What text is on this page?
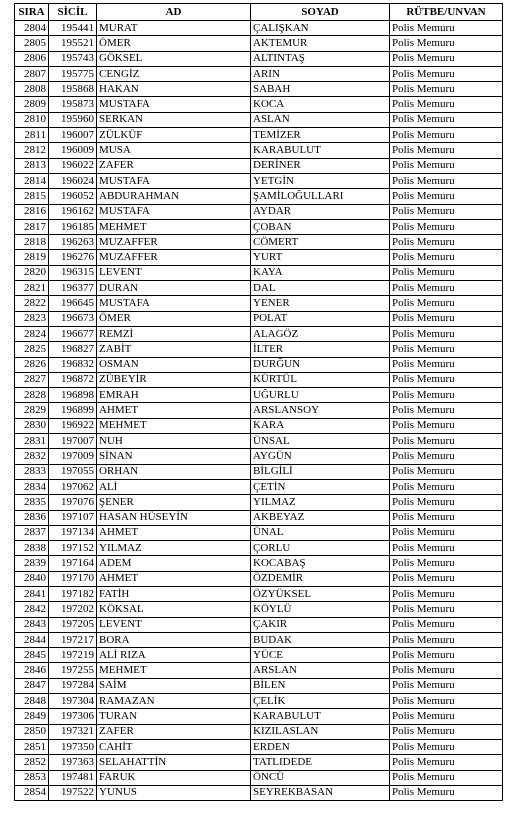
SIRA	SİCİL	AD	SOYAD	RÜTBE/UNVAN
2804	195441	MURAT	ÇALIŞKAN	Polis Memuru
2805	195521	ÖMER	AKTEMUR	Polis Memuru
2806	195743	GÖKSEL	ALTINTAŞ	Polis Memuru
2807	195775	CENGİZ	ARIN	Polis Memuru
2808	195868	HAKAN	SABAH	Polis Memuru
2809	195873	MUSTAFA	KOCA	Polis Memuru
2810	195960	SERKAN	ASLAN	Polis Memuru
2811	196007	ZÜLKÜF	TEMİZER	Polis Memuru
2812	196009	MUSA	KARABULUT	Polis Memuru
2813	196022	ZAFER	DERİNER	Polis Memuru
2814	196024	MUSTAFA	YETGİN	Polis Memuru
2815	196052	ABDURAHMAN	ŞAMİLOĞULLARI	Polis Memuru
2816	196162	MUSTAFA	AYDAR	Polis Memuru
2817	196185	MEHMET	ÇOBAN	Polis Memuru
2818	196263	MUZAFFER	CÖMERT	Polis Memuru
2819	196276	MUZAFFER	YURT	Polis Memuru
2820	196315	LEVENT	KAYA	Polis Memuru
2821	196377	DURAN	DAL	Polis Memuru
2822	196645	MUSTAFA	YENER	Polis Memuru
2823	196673	ÖMER	POLAT	Polis Memuru
2824	196677	REMZİ	ALAGÖZ	Polis Memuru
2825	196827	ZABİT	İLTER	Polis Memuru
2826	196832	OSMAN	DURĞUN	Polis Memuru
2827	196872	ZÜBEYİR	KÜRTÜL	Polis Memuru
2828	196898	EMRAH	UĞURLU	Polis Memuru
2829	196899	AHMET	ARSLANSOY	Polis Memuru
2830	196922	MEHMET	KARA	Polis Memuru
2831	197007	NUH	ÜNSAL	Polis Memuru
2832	197009	SİNAN	AYGÜN	Polis Memuru
2833	197055	ORHAN	BİLGİLİ	Polis Memuru
2834	197062	ALİ	ÇETİN	Polis Memuru
2835	197076	ŞENER	YILMAZ	Polis Memuru
2836	197107	HASAN HÜSEYİN	AKBEYAZ	Polis Memuru
2837	197134	AHMET	ÜNAL	Polis Memuru
2838	197152	YILMAZ	ÇORLU	Polis Memuru
2839	197164	ADEM	KOCABAŞ	Polis Memuru
2840	197170	AHMET	ÖZDEMİR	Polis Memuru
2841	197182	FATİH	ÖZYÜKSEL	Polis Memuru
2842	197202	KÖKSAL	KÖYLÜ	Polis Memuru
2843	197205	LEVENT	ÇAKIR	Polis Memuru
2844	197217	BORA	BUDAK	Polis Memuru
2845	197219	ALİ RIZA	YÜCE	Polis Memuru
2846	197255	MEHMET	ARSLAN	Polis Memuru
2847	197284	SAİM	BİLEN	Polis Memuru
2848	197304	RAMAZAN	ÇELİK	Polis Memuru
2849	197306	TURAN	KARABULUT	Polis Memuru
2850	197321	ZAFER	KIZILASLAN	Polis Memuru
2851	197350	CAHİT	ERDEN	Polis Memuru
2852	197363	SELAHATTİN	TATLIDEDE	Polis Memuru
2853	197481	FARUK	ÖNCÜ	Polis Memuru
2854	197522	YUNUS	SEYREKBASAN	Polis Memuru
